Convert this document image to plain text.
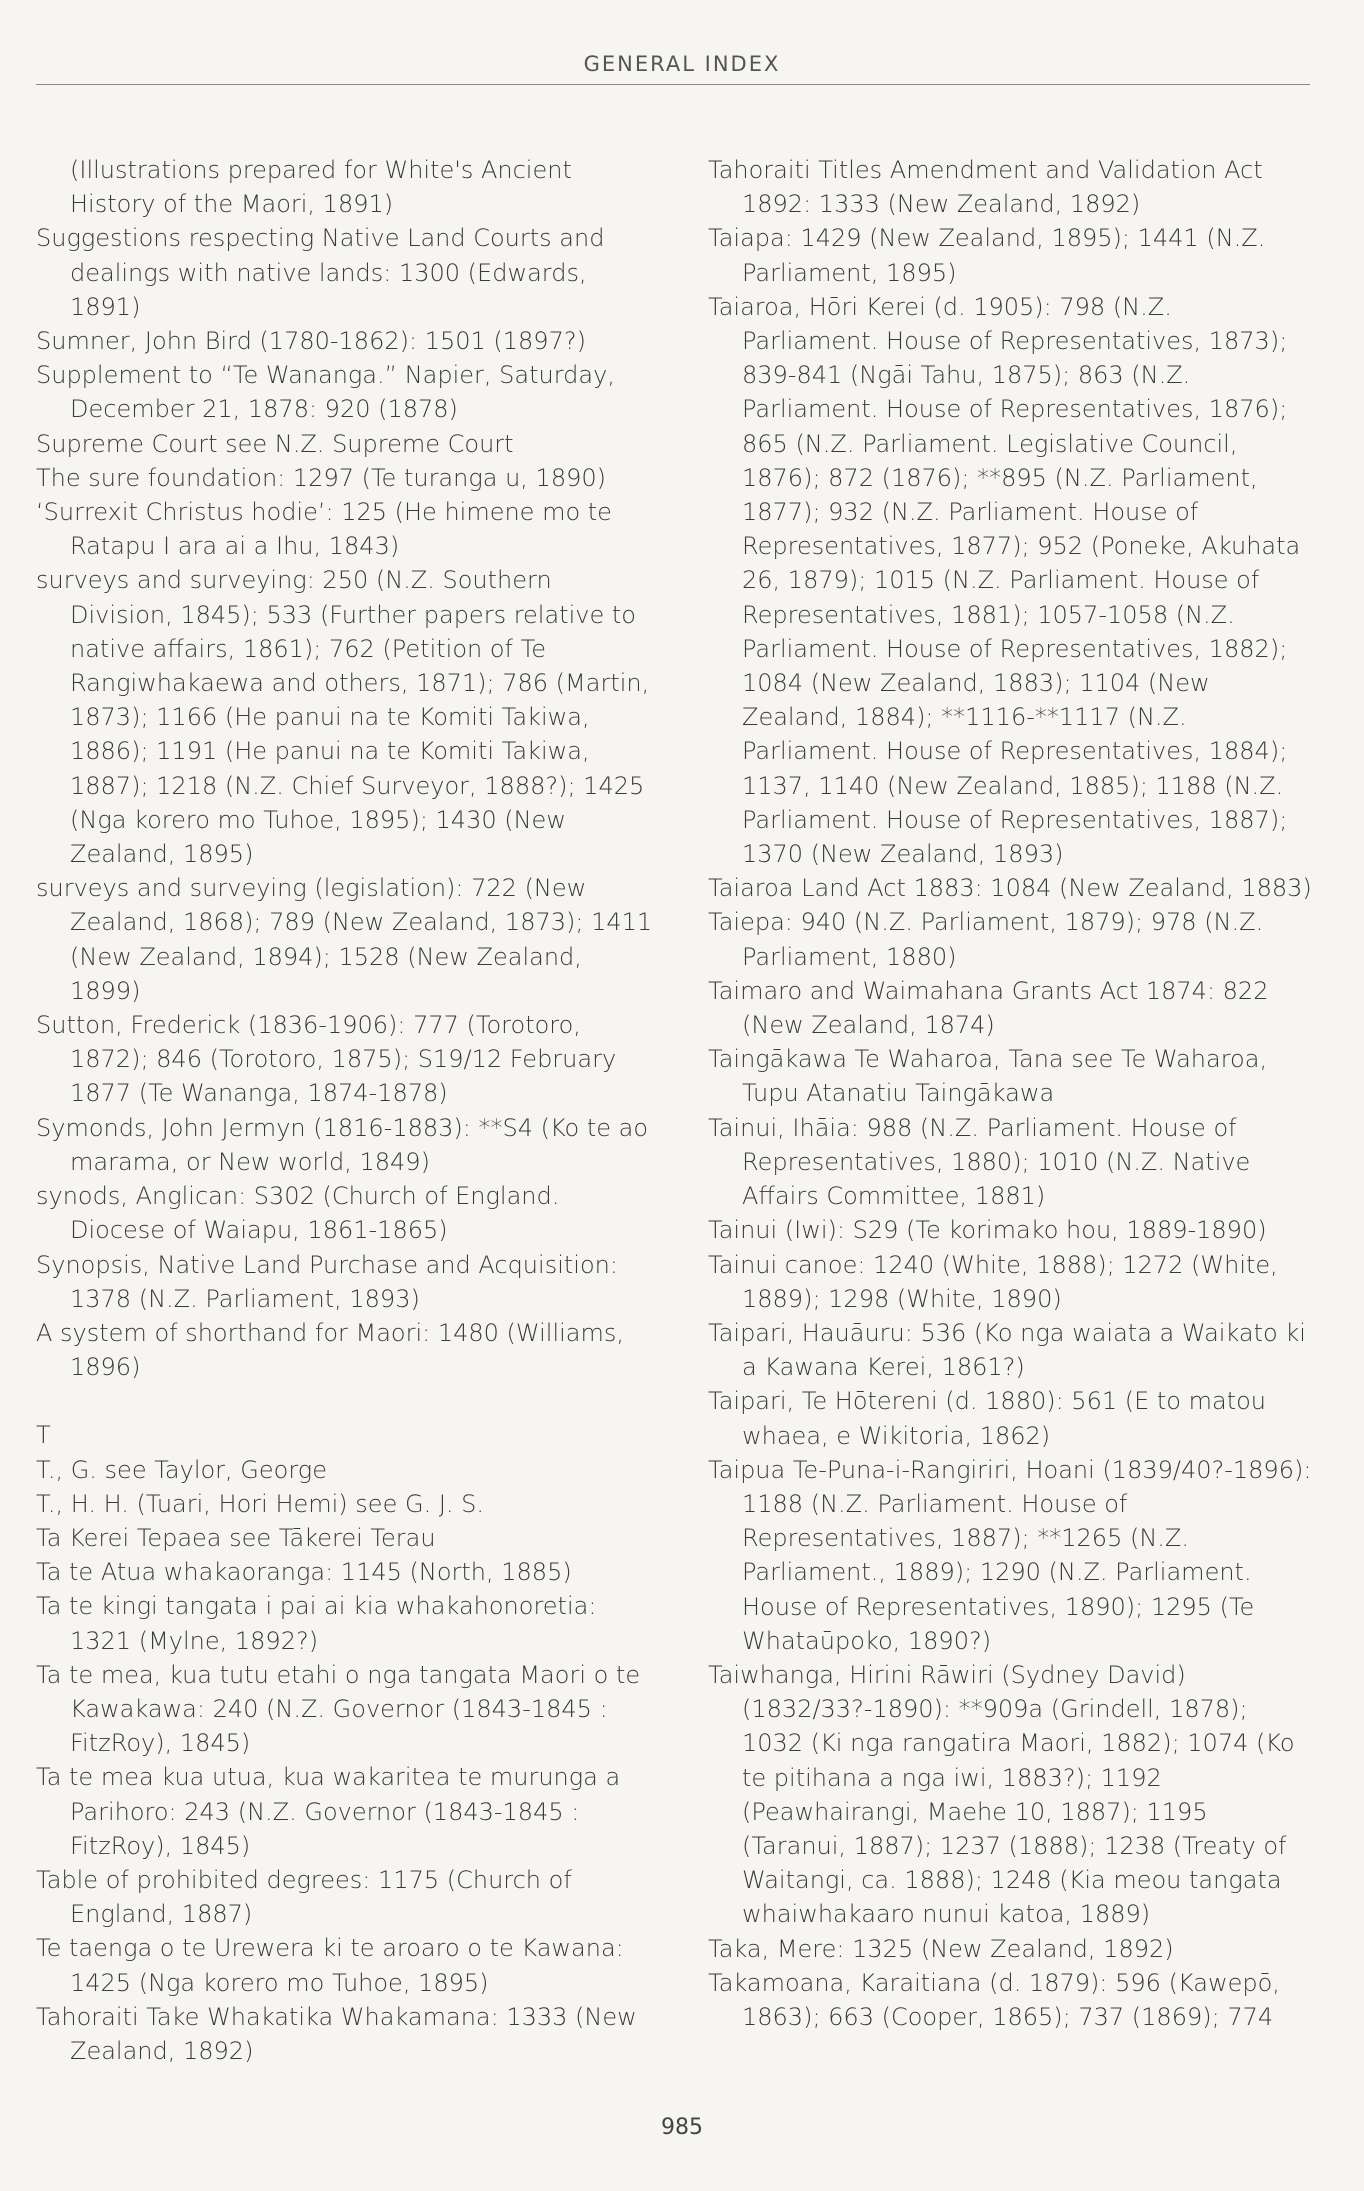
GENERAL INDEX

(Illustrations prepared for White's Ancient History of the Maori, 1891)

Suggestions respecting Native Land Courts and dealings with native lands: 1300 (Edwards, 1891)

Sumner, John Bird (1780-1862): 1501 (1897?)

Supplement to “Te Wananga.” Napier, Saturday, December 21, 1878: 920 (1878)

Supreme Court see N.Z. Supreme Court

The sure foundation: 1297 (Te turanga u, 1890)

‘Surrexit Christus hodie’: 125 (He himene mo te Ratapu I ara ai a Ihu, 1843)

surveys and surveying: 250 (N.Z. Southern Division, 1845); 533 (Further papers relative to native affairs, 1861); 762 (Petition of Te Rangiwhakaewa and others, 1871); 786 (Martin, 1873); 1166 (He panui na te Komiti Takiwa, 1886); 1191 (He panui na te Komiti Takiwa, 1887); 1218 (N.Z. Chief Surveyor, 1888?); 1425 (Nga korero mo Tuhoe, 1895); 1430 (New Zealand, 1895)

surveys and surveying (legislation): 722 (New Zealand, 1868); 789 (New Zealand, 1873); 1411 (New Zealand, 1894); 1528 (New Zealand, 1899)

Sutton, Frederick (1836-1906): 777 (Torotoro, 1872); 846 (Torotoro, 1875); S19/12 February 1877 (Te Wananga, 1874-1878)

Symonds, John Jermyn (1816-1883): **S4 (Ko te ao marama, or New world, 1849)

synods, Anglican: S302 (Church of England. Diocese of Waiapu, 1861-1865)

Synopsis, Native Land Purchase and Acquisition: 1378 (N.Z. Parliament, 1893)

A system of shorthand for Maori: 1480 (Williams, 1896)

T

T., G. see Taylor, George

T., H. H. (Tuari, Hori Hemi) see G. J. S.

Ta Kerei Tepaea see Tākerei Terau

Ta te Atua whakaoranga: 1145 (North, 1885)

Ta te kingi tangata i pai ai kia whakahonoretia: 1321 (Mylne, 1892?)

Ta te mea, kua tutu etahi o nga tangata Maori o te Kawakawa: 240 (N.Z. Governor (1843-1845 : FitzRoy), 1845)

Ta te mea kua utua, kua wakaritea te murunga a Parihoro: 243 (N.Z. Governor (1843-1845 : FitzRoy), 1845)

Table of prohibited degrees: 1175 (Church of England, 1887)

Te taenga o te Urewera ki te aroaro o te Kawana: 1425 (Nga korero mo Tuhoe, 1895)

Tahoraiti Take Whakatika Whakamana: 1333 (New Zealand, 1892)

Tahoraiti Titles Amendment and Validation Act 1892: 1333 (New Zealand, 1892)

Taiapa: 1429 (New Zealand, 1895); 1441 (N.Z. Parliament, 1895)

Taiaroa, Hōri Kerei (d. 1905): 798 (N.Z. Parliament. House of Representatives, 1873); 839-841 (Ngāi Tahu, 1875); 863 (N.Z. Parliament. House of Representatives, 1876); 865 (N.Z. Parliament. Legislative Council, 1876); 872 (1876); **895 (N.Z. Parliament, 1877); 932 (N.Z. Parliament. House of Representatives, 1877); 952 (Poneke, Akuhata 26, 1879); 1015 (N.Z. Parliament. House of Representatives, 1881); 1057-1058 (N.Z. Parliament. House of Representatives, 1882); 1084 (New Zealand, 1883); 1104 (New Zealand, 1884); **1116-**1117 (N.Z. Parliament. House of Representatives, 1884); 1137, 1140 (New Zealand, 1885); 1188 (N.Z. Parliament. House of Representatives, 1887); 1370 (New Zealand, 1893)

Taiaroa Land Act 1883: 1084 (New Zealand, 1883)

Taiepa: 940 (N.Z. Parliament, 1879); 978 (N.Z. Parliament, 1880)

Taimaro and Waimahana Grants Act 1874: 822 (New Zealand, 1874)

Taingākawa Te Waharoa, Tana see Te Waharoa, Tupu Atanatiu Taingākawa

Tainui, Ihāia: 988 (N.Z. Parliament. House of Representatives, 1880); 1010 (N.Z. Native Affairs Committee, 1881)

Tainui (Iwi): S29 (Te korimako hou, 1889-1890)

Tainui canoe: 1240 (White, 1888); 1272 (White, 1889); 1298 (White, 1890)

Taipari, Hauāuru: 536 (Ko nga waiata a Waikato ki a Kawana Kerei, 1861?)

Taipari, Te Hōtereni (d. 1880): 561 (E to matou whaea, e Wikitoria, 1862)

Taipua Te-Puna-i-Rangiriri, Hoani (1839/40?-1896): 1188 (N.Z. Parliament. House of Representatives, 1887); **1265 (N.Z. Parliament., 1889); 1290 (N.Z. Parliament. House of Representatives, 1890); 1295 (Te Whataūpoko, 1890?)

Taiwhanga, Hirini Rāwiri (Sydney David) (1832/33?-1890): **909a (Grindell, 1878); 1032 (Ki nga rangatira Maori, 1882); 1074 (Ko te pitihana a nga iwi, 1883?); 1192 (Peawhairangi, Maehe 10, 1887); 1195 (Taranui, 1887); 1237 (1888); 1238 (Treaty of Waitangi, ca. 1888); 1248 (Kia meou tangata whaiwhakaaro nunui katoa, 1889)

Taka, Mere: 1325 (New Zealand, 1892)

Takamoana, Karaitiana (d. 1879): 596 (Kawepō, 1863); 663 (Cooper, 1865); 737 (1869); 774

985
